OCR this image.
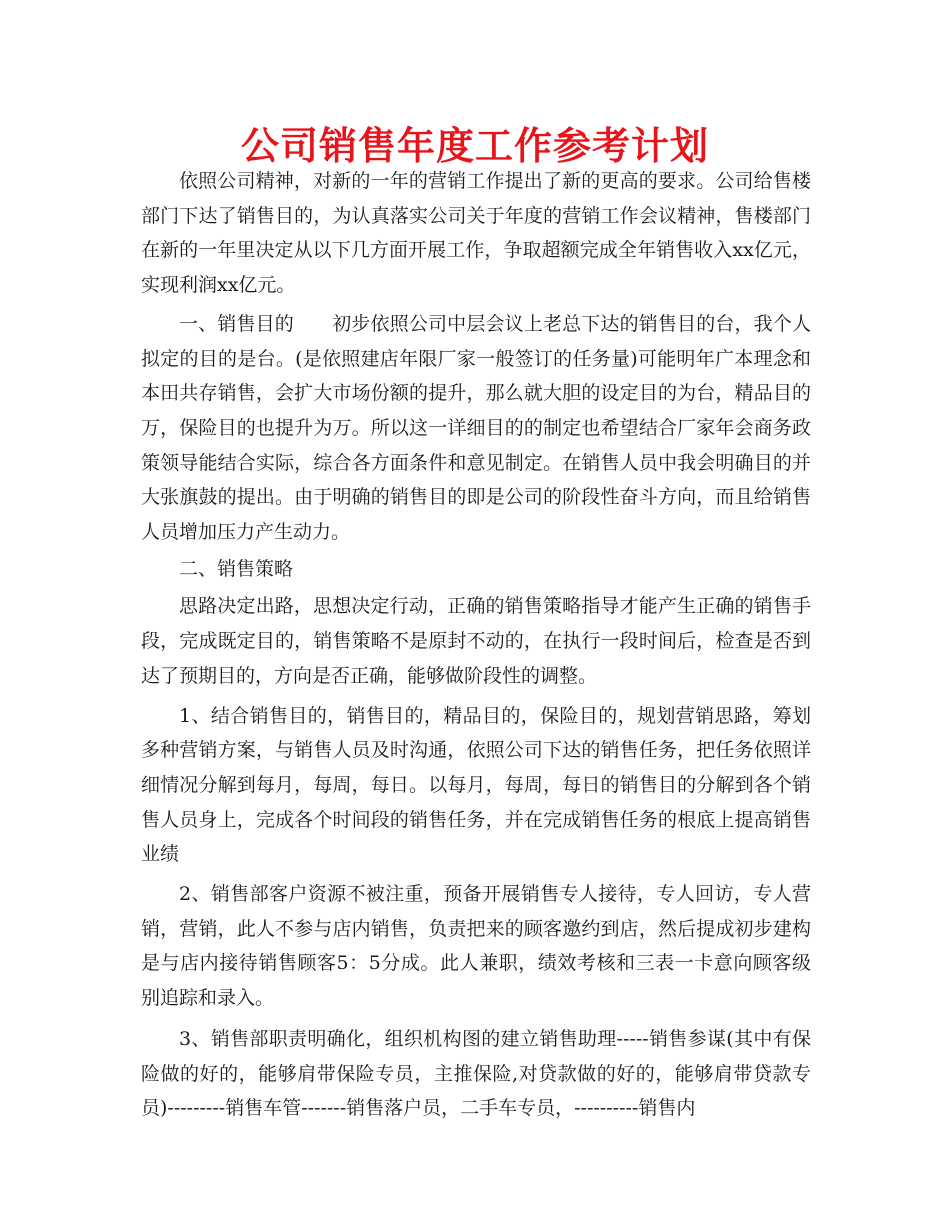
公司销售年度工作参考计划

依照公司精神，对新的一年的营销工作提出了新的更高的要求。公司给售楼部门下达了销售目的，为认真落实公司关于年度的营销工作会议精神，售楼部门在新的一年里决定从以下几方面开展工作，争取超额完成全年销售收入xx亿元，实现利润xx亿元。

一、销售目的　　初步依照公司中层会议上老总下达的销售目的台，我个人拟定的目的是台。(是依照建店年限厂家一般签订的任务量)可能明年广本理念和本田共存销售，会扩大市场份额的提升，那么就大胆的设定目的为台，精品目的万，保险目的也提升为万。所以这一详细目的的制定也希望结合厂家年会商务政策领导能结合实际，综合各方面条件和意见制定。在销售人员中我会明确目的并大张旗鼓的提出。由于明确的销售目的即是公司的阶段性奋斗方向，而且给销售人员增加压力产生动力。

二、销售策略

思路决定出路，思想决定行动，正确的销售策略指导才能产生正确的销售手段，完成既定目的，销售策略不是原封不动的，在执行一段时间后，检查是否到达了预期目的，方向是否正确，能够做阶段性的调整。

1、结合销售目的，销售目的，精品目的，保险目的，规划营销思路，筹划多种营销方案，与销售人员及时沟通，依照公司下达的销售任务，把任务依照详细情况分解到每月，每周，每日。以每月，每周，每日的销售目的分解到各个销售人员身上，完成各个时间段的销售任务，并在完成销售任务的根底上提高销售业绩

2、销售部客户资源不被注重，预备开展销售专人接待，专人回访，专人营销，营销，此人不参与店内销售，负责把来的顾客邀约到店，然后提成初步建构是与店内接待销售顾客5：5分成。此人兼职，绩效考核和三表一卡意向顾客级别追踪和录入。

3、销售部职责明确化，组织机构图的建立销售助理-----销售参谋(其中有保险做的好的，能够肩带保险专员，主推保险,对贷款做的好的，能够肩带贷款专员)---------销售车管-------销售落户员，二手车专员，----------销售内
